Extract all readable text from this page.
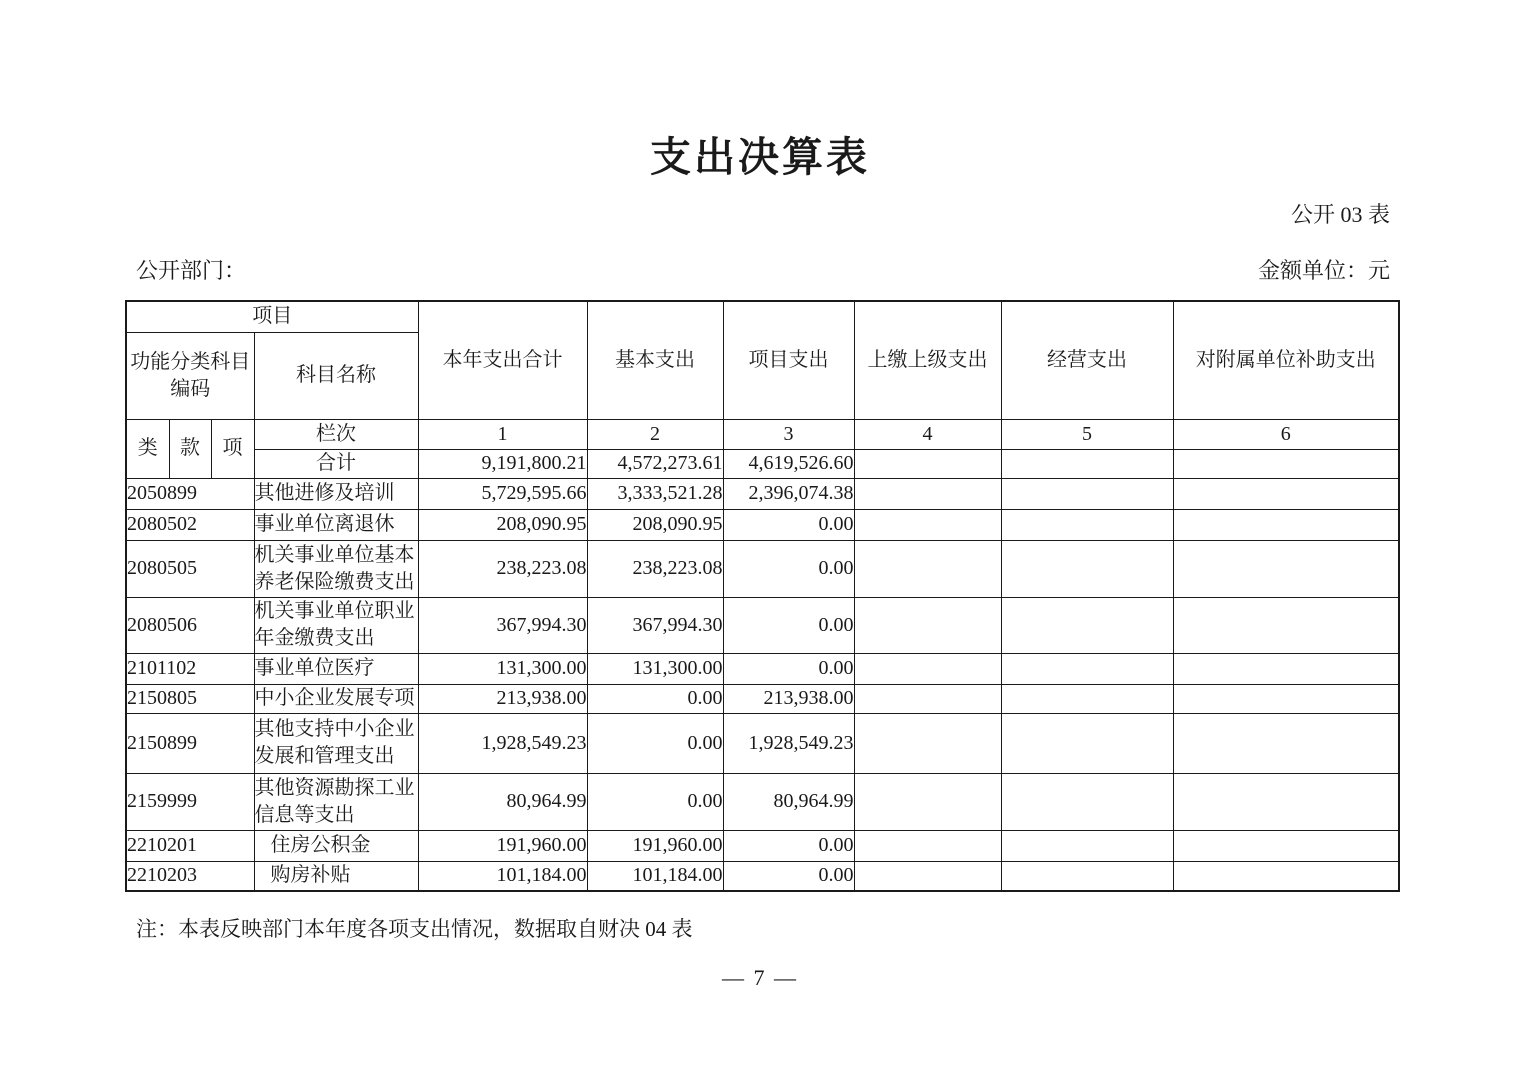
支出决算表
公开 03 表
公开部门：	金额单位：元
项目				本年支出合计	基本支出	项目支出	上缴上级支出	经营支出	对附属单位补助支出
功能分类科目编码			科目名称						
类	款	项	栏次	1	2	3	4	5	6
			合计	9,191,800.21	4,572,273.61	4,619,526.60			
2050899			其他进修及培训	5,729,595.66	3,333,521.28	2,396,074.38			
2080502			事业单位离退休	208,090.95	208,090.95	0.00			
2080505			机关事业单位基本养老保险缴费支出	238,223.08	238,223.08	0.00			
2080506			机关事业单位职业年金缴费支出	367,994.30	367,994.30	0.00			
2101102			事业单位医疗	131,300.00	131,300.00	0.00			
2150805			中小企业发展专项	213,938.00	0.00	213,938.00			
2150899			其他支持中小企业发展和管理支出	1,928,549.23	0.00	1,928,549.23			
2159999			其他资源勘探工业信息等支出	80,964.99	0.00	80,964.99			
2210201			住房公积金	191,960.00	191,960.00	0.00			
2210203			购房补贴	101,184.00	101,184.00	0.00			
注：本表反映部门本年度各项支出情况，数据取自财决 04 表
— 7 —
